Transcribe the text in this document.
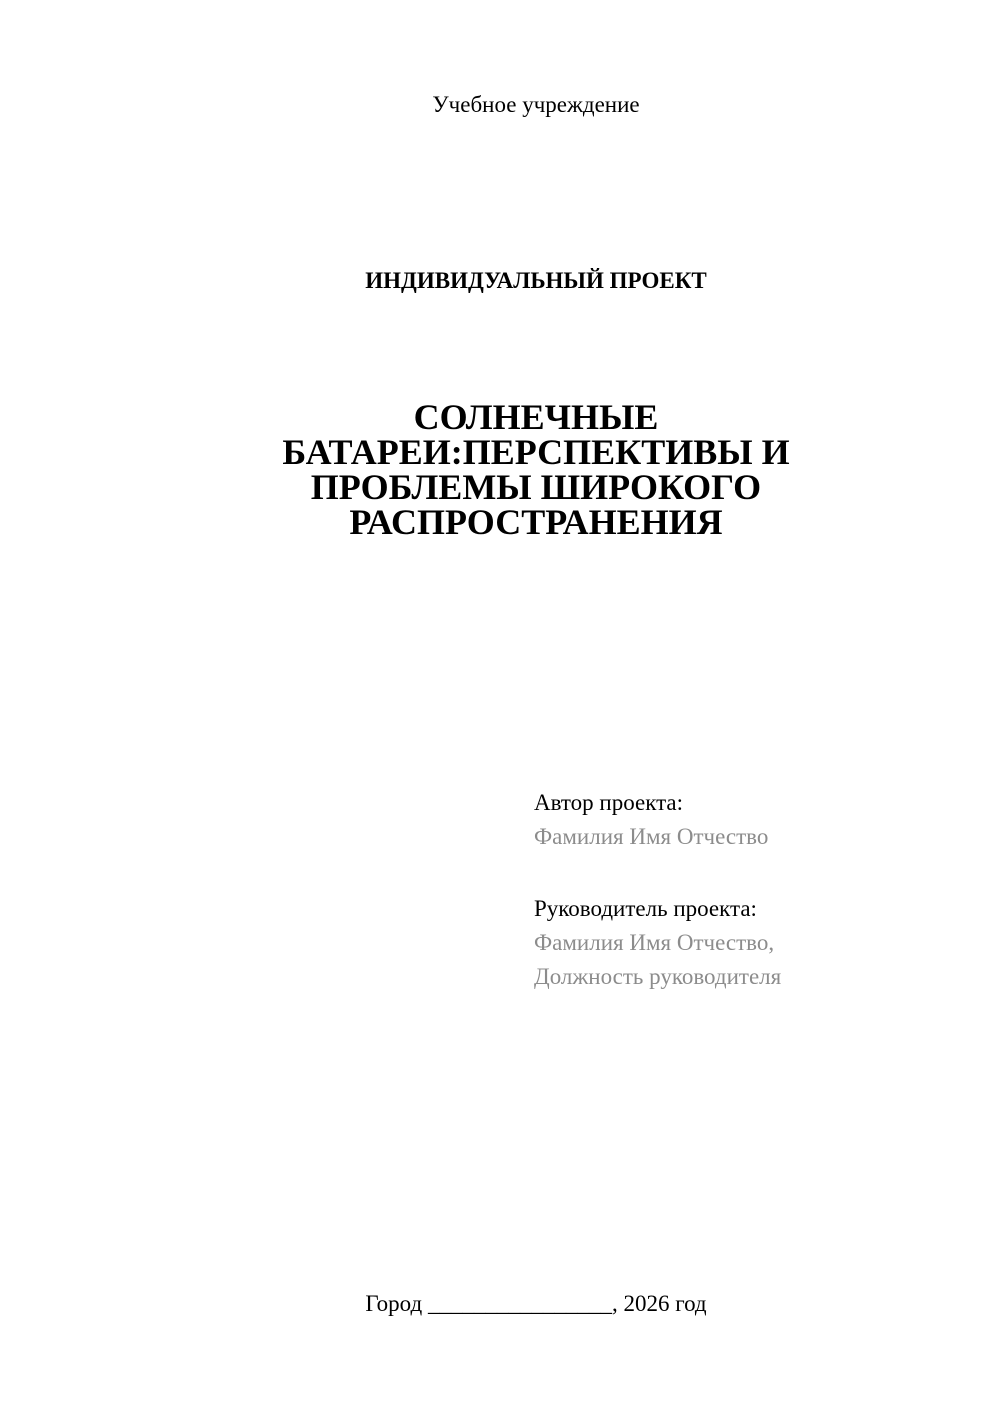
Учебное учреждение
ИНДИВИДУАЛЬНЫЙ ПРОЕКТ
СОЛНЕЧНЫЕ
БАТАРЕИ:ПЕРСПЕКТИВЫ И
ПРОБЛЕМЫ ШИРОКОГО
РАСПРОСТРАНЕНИЯ
Автор проекта:
Фамилия Имя Отчество
Руководитель проекта:
Фамилия Имя Отчество,
Должность руководителя
Город ________________, 2026 год
